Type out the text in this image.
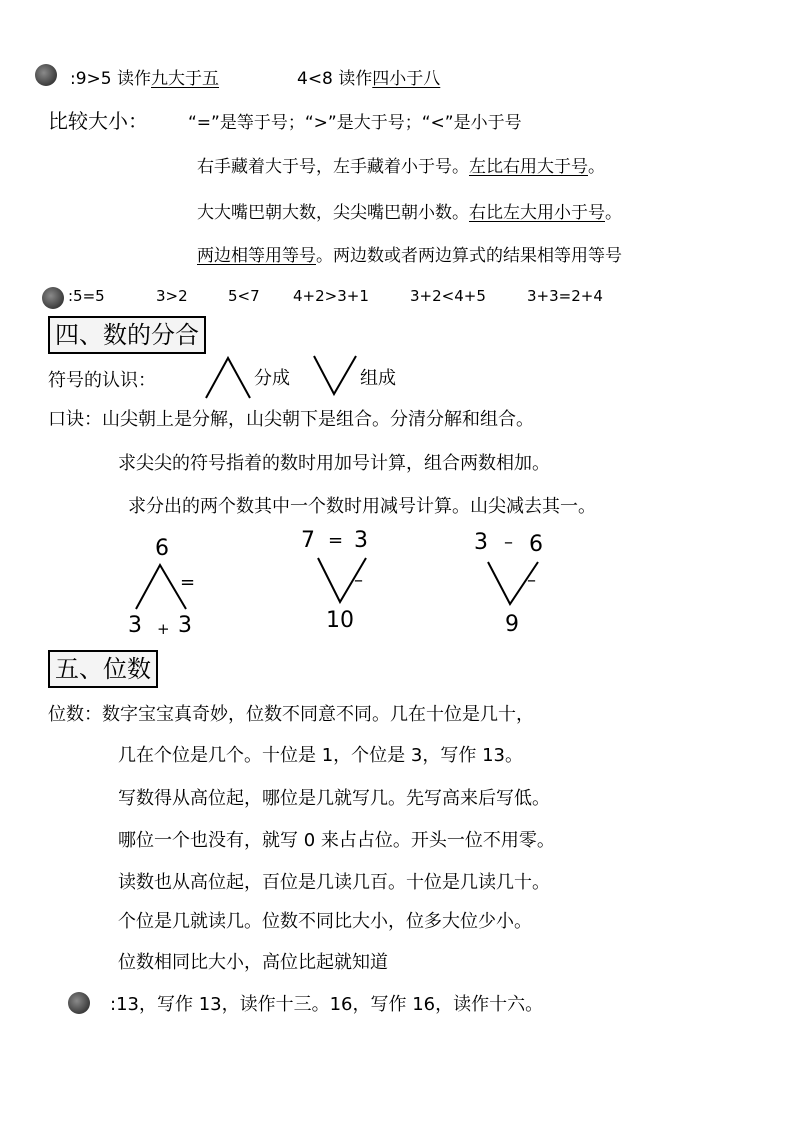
:9>5 读作九大于五	4<8 读作四小于八
比较大小： “=”是等于号；“>”是大于号；“<”是小于号
右手藏着大于号，左手藏着小于号。左比右用大于号。
大大嘴巴朝大数，尖尖嘴巴朝小数。右比左大用小于号。
两边相等用等号。两边数或者两边算式的结果相等用等号
:5=5	3>2	5<7 4+2>3+1	3+2<4+5	3+3=2+4
四、数的分合
符号的认识：	分成	组成
口诀：山尖朝上是分解，山尖朝下是组合。分清分解和组合。
求尖尖的符号指着的数时用加号计算，组合两数相加。
求分出的两个数其中一个数时用减号计算。山尖减去其一。
6
=
3 + 3
7 = 3
–
10
3 – 6
–
9
五、位数
位数：数字宝宝真奇妙，位数不同意不同。几在十位是几十，
几在个位是几个。十位是 1，个位是 3，写作 13。
写数得从高位起，哪位是几就写几。先写高来后写低。
哪位一个也没有，就写 0 来占占位。开头一位不用零。
读数也从高位起，百位是几读几百。十位是几读几十。
个位是几就读几。位数不同比大小，位多大位少小。
位数相同比大小，高位比起就知道
:13，写作 13，读作十三。16，写作 16，读作十六。
